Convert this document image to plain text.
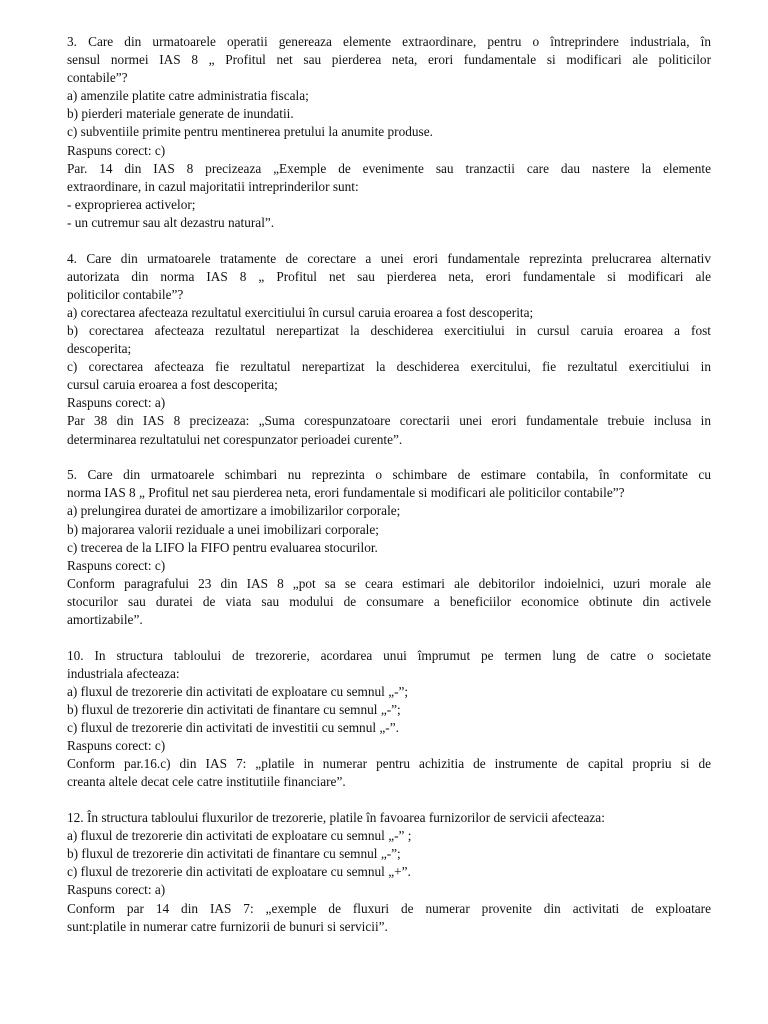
3. Care din urmatoarele operatii genereaza elemente extraordinare, pentru o întreprindere industriala, în
sensul normei IAS 8 „ Profitul net sau pierderea neta, erori fundamentale si modificari ale politicilor
contabile”?
a) amenzile platite catre administratia fiscala;
b) pierderi materiale generate de inundatii.
c) subventiile primite pentru mentinerea pretului la anumite produse.
Raspuns corect: c)
Par. 14 din IAS 8 precizeaza „Exemple de evenimente sau tranzactii care dau nastere la elemente
extraordinare, in cazul majoritatii intreprinderilor sunt:
- exproprierea activelor;
- un cutremur sau alt dezastru natural”.
4. Care din urmatoarele tratamente de corectare a unei erori fundamentale reprezinta prelucrarea alternativ
autorizata din norma IAS 8 „ Profitul net sau pierderea neta, erori fundamentale si modificari ale
politicilor contabile”?
a) corectarea afecteaza rezultatul exercitiului în cursul caruia eroarea a fost descoperita;
b) corectarea afecteaza rezultatul nerepartizat la deschiderea exercitiului in cursul caruia eroarea a fost
descoperita;
c) corectarea afecteaza fie rezultatul nerepartizat la deschiderea exercitului, fie rezultatul exercitiului in
cursul caruia eroarea a fost descoperita;
Raspuns corect: a)
Par 38 din IAS 8 precizeaza: „Suma corespunzatoare corectarii unei erori fundamentale trebuie inclusa in
determinarea rezultatului net corespunzator perioadei curente”.
5. Care din urmatoarele schimbari nu reprezinta o schimbare de estimare contabila, în conformitate cu
norma IAS 8 „ Profitul net sau pierderea neta, erori fundamentale si modificari ale politicilor contabile”?
a) prelungirea duratei de amortizare a imobilizarilor corporale;
b) majorarea valorii reziduale a unei imobilizari corporale;
c) trecerea de la LIFO la FIFO pentru evaluarea stocurilor.
Raspuns corect: c)
Conform paragrafului 23 din IAS 8 „pot sa se ceara estimari ale debitorilor indoielnici, uzuri morale ale
stocurilor sau duratei de viata sau modului de consumare a beneficiilor economice obtinute din activele
amortizabile”.
10. In structura tabloului de trezorerie, acordarea unui împrumut pe termen lung de catre o societate
industriala afecteaza:
a) fluxul de trezorerie din activitati de exploatare cu semnul „-”;
b) fluxul de trezorerie din activitati de finantare cu semnul „-”;
c) fluxul de trezorerie din activitati de investitii cu semnul „-”.
Raspuns corect: c)
Conform par.16.c) din IAS 7: „platile in numerar pentru achizitia de instrumente de capital propriu si de
creanta altele decat cele catre institutiile financiare”.
12. În structura tabloului fluxurilor de trezorerie, platile în favoarea furnizorilor de servicii afecteaza:
a) fluxul de trezorerie din activitati de exploatare cu semnul „-” ;
b) fluxul de trezorerie din activitati de finantare cu semnul „-”;
c) fluxul de trezorerie din activitati de exploatare cu semnul „+”.
Raspuns corect: a)
Conform par 14 din IAS 7: „exemple de fluxuri de numerar provenite din activitati de exploatare
sunt:platile in numerar catre furnizorii de bunuri si servicii”.
